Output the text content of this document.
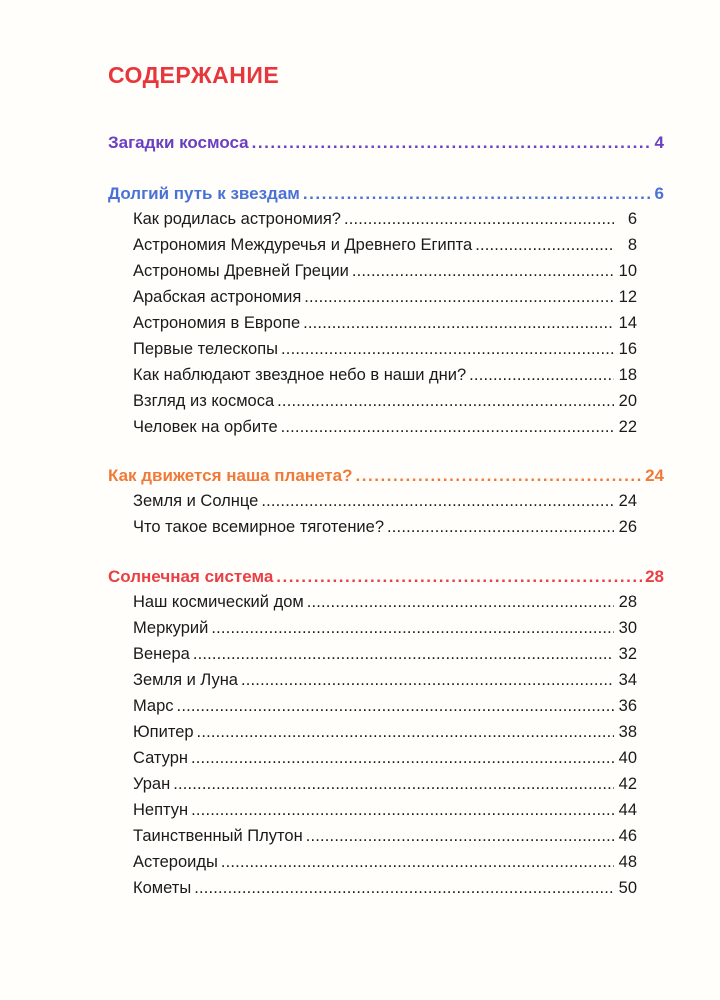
СОДЕРЖАНИЕ
Загадки космоса . . .	4
Долгий путь к звездам . . .	6
Как родилась астрономия? . . .	6
Астрономия Междуречья и Древнего Египта . . .	8
Астрономы Древней Греции . . .	10
Арабская астрономия . . .	12
Астрономия в Европе . . .	14
Первые телескопы . . .	16
Как наблюдают звездное небо в наши дни? . . .	18
Взгляд из космоса . . .	20
Человек на орбите . . .	22
Как движется наша планета? . . .	24
Земля и Солнце . . .	24
Что такое всемирное тяготение? . . .	26
Солнечная система . . .	28
Наш космический дом . . .	28
Меркурий . . .	30
Венера . . .	32
Земля и Луна . . .	34
Марс . . .	36
Юпитер . . .	38
Сатурн . . .	40
Уран . . .	42
Нептун . . .	44
Таинственный Плутон . . .	46
Астероиды . . .	48
Кометы . . .	50
